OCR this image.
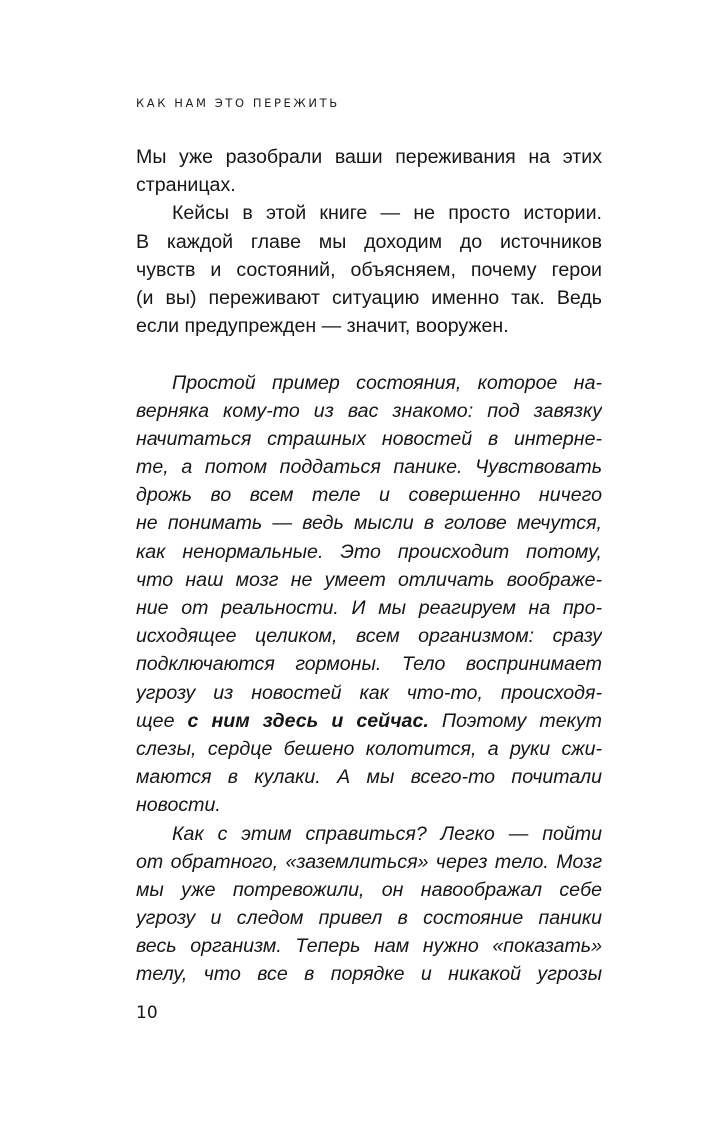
КАК НАМ ЭТО ПЕРЕЖИТЬ
Мы уже разобрали ваши переживания на этих
страницах.
Кейсы в этой книге — не просто истории.
В каждой главе мы доходим до источников
чувств и состояний, объясняем, почему герои
(и вы) переживают ситуацию именно так. Ведь
если предупрежден — значит, вооружен.
Простой пример состояния, которое на-
верняка кому-то из вас знакомо: под завязку
начитаться страшных новостей в интерне-
те, а потом поддаться панике. Чувствовать
дрожь во всем теле и совершенно ничего
не понимать — ведь мысли в голове мечутся,
как ненормальные. Это происходит потому,
что наш мозг не умеет отличать воображе-
ние от реальности. И мы реагируем на про-
исходящее целиком, всем организмом: сразу
подключаются гормоны. Тело воспринимает
угрозу из новостей как что-то, происходя-
щее с ним здесь и сейчас. Поэтому текут
слезы, сердце бешено колотится, а руки сжи-
маются в кулаки. А мы всего-то почитали
новости.
Как с этим справиться? Легко — пойти
от обратного, «заземлиться» через тело. Мозг
мы уже потревожили, он навоображал себе
угрозу и следом привел в состояние паники
весь организм. Теперь нам нужно «показать»
телу, что все в порядке и никакой угрозы
10
